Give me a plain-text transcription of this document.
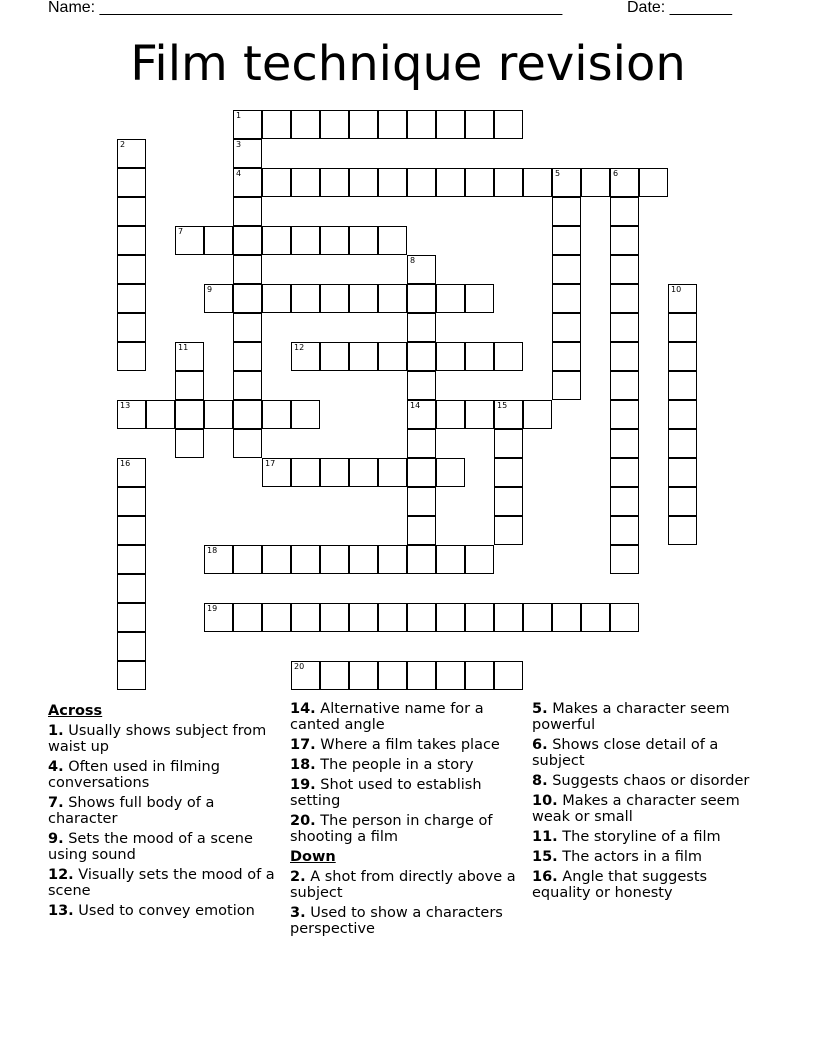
Name: ____________________________________________________	Date: _______
Film technique revision
1
2	3
4	5	6
7
8
14
9	10
11	12
13	15
16	17
18
19
20
Across
1. Usually shows subject from waist up
4. Often used in filming conversations
7. Shows full body of a character
9. Sets the mood of a scene using sound
12. Visually sets the mood of a scene
13. Used to convey emotion
14. Alternative name for a canted angle
17. Where a film takes place
18. The people in a story
19. Shot used to establish setting
20. The person in charge of shooting a film
Down
2. A shot from directly above a subject
3. Used to show a characters perspective
5. Makes a character seem powerful
6. Shows close detail of a subject
8. Suggests chaos or disorder
10. Makes a character seem weak or small
11. The storyline of a film
15. The actors in a film
16. Angle that suggests equality or honesty
